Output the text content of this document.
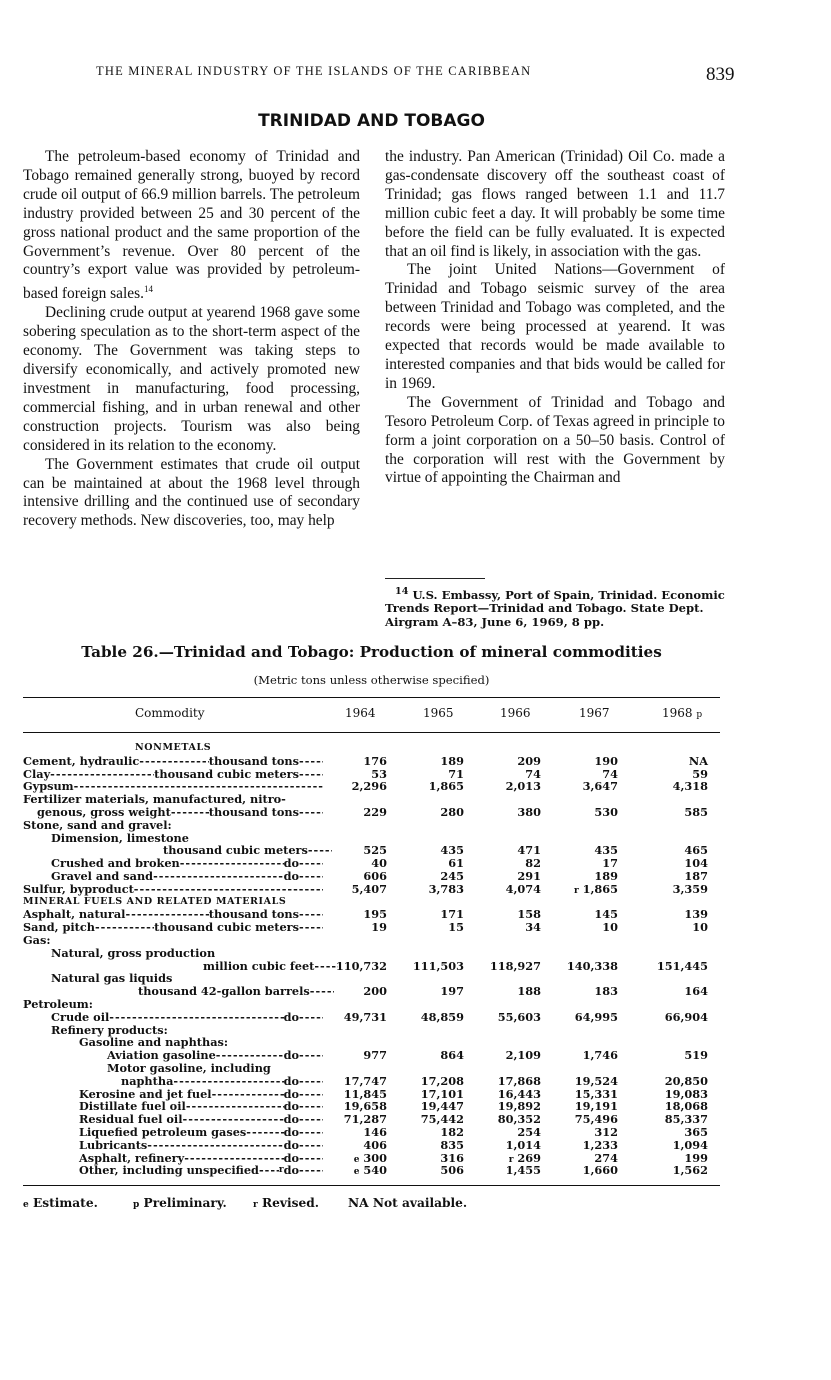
THE MINERAL INDUSTRY OF THE ISLANDS OF THE CARIBBEAN	839
TRINIDAD AND TOBAGO

The petroleum-based economy of Trinidad and Tobago remained generally strong, buoyed by record crude oil output of 66.9 million barrels. The petroleum industry provided between 25 and 30 percent of the gross national product and the same proportion of the Government’s revenue. Over 80 percent of the country’s export value was provided by petroleum-based foreign sales.$^{14}$

Declining crude output at yearend 1968 gave some sobering speculation as to the short-term aspect of the economy. The Government was taking steps to diversify economically, and actively promoted new investment in manufacturing, food processing, commercial fishing, and in urban renewal and other construction projects. Tourism was also being considered in its relation to the economy.

The Government estimates that crude oil output can be maintained at about the 1968 level through intensive drilling and the continued use of secondary recovery methods. New discoveries, too, may help

the industry. Pan American (Trinidad) Oil Co. made a gas-condensate discovery off the southeast coast of Trinidad; gas flows ranged between 1.1 and 11.7 million cubic feet a day. It will probably be some time before the field can be fully evaluated. It is expected that an oil find is likely, in association with the gas.

The joint United Nations—Government of Trinidad and Tobago seismic survey of the area between Trinidad and Tobago was completed, and the records were being processed at yearend. It was expected that records would be made available to interested companies and that bids would be called for in 1969.

The Government of Trinidad and Tobago and Tesoro Petroleum Corp. of Texas agreed in principle to form a joint corporation on a 50–50 basis. Control of the corporation will rest with the Government by virtue of appointing the Chairman and

$^{14}$ U.S. Embassy, Port of Spain, Trinidad. Economic Trends Report—Trinidad and Tobago. State Dept. Airgram A–83, June 6, 1969, 8 pp.

Table 26.—Trinidad and Tobago: Production of mineral commodities
(Metric tons unless otherwise specified)
Commodity	1964	1965	1966	1967	1968 p
NONMETALS
Cement, hydraulic -----	thousand tons -----	176	189	209	190	NA
Clay -----	thousand cubic meters -----	53	71	74	74	59
Gypsum -----	2,296	1,865	2,013	3,647	4,318
Fertilizer materials, manufactured, nitro-
genous, gross weight -----	thousand tons -----	229	280	380	530	585
Stone, sand and gravel:
Dimension, limestone
thousand cubic meters -----	525	435	471	435	465
Crushed and broken -----	do -----	40	61	82	17	104
Gravel and sand -----	do -----	606	245	291	189	187
Sulfur, byproduct -----	5,407	3,783	4,074	r 1,865	3,359
MINERAL FUELS AND RELATED MATERIALS
Asphalt, natural -----	thousand tons -----	195	171	158	145	139
Sand, pitch -----	thousand cubic meters -----	19	15	34	10	10
Gas:
Natural, gross production
million cubic feet -----	110,732	111,503	118,927	140,338	151,445
Natural gas liquids
thousand 42-gallon barrels -----	200	197	188	183	164
Petroleum:
Crude oil -----	do -----	49,731	48,859	55,603	64,995	66,904
Refinery products:
Gasoline and naphthas:
Aviation gasoline -----	do -----	977	864	2,109	1,746	519
Motor gasoline, including
naphtha -----	do -----	17,747	17,208	17,868	19,524	20,850
Kerosine and jet fuel -----	do -----	11,845	17,101	16,443	15,331	19,083
Distillate fuel oil -----	do -----	19,658	19,447	19,892	19,191	18,068
Residual fuel oil -----	do -----	71,287	75,442	80,352	75,496	85,337
Liquefied petroleum gases -----	do -----	146	182	254	312	365
Lubricants -----	do -----	406	835	1,014	1,233	1,094
Asphalt, refinery -----	do -----	e 300	316	r 269	274	199
Other, including unspecified ----- r do -----	e 540	506	1,455	1,660	1,562
e Estimate.	p Preliminary.	r Revised. NA Not available.
